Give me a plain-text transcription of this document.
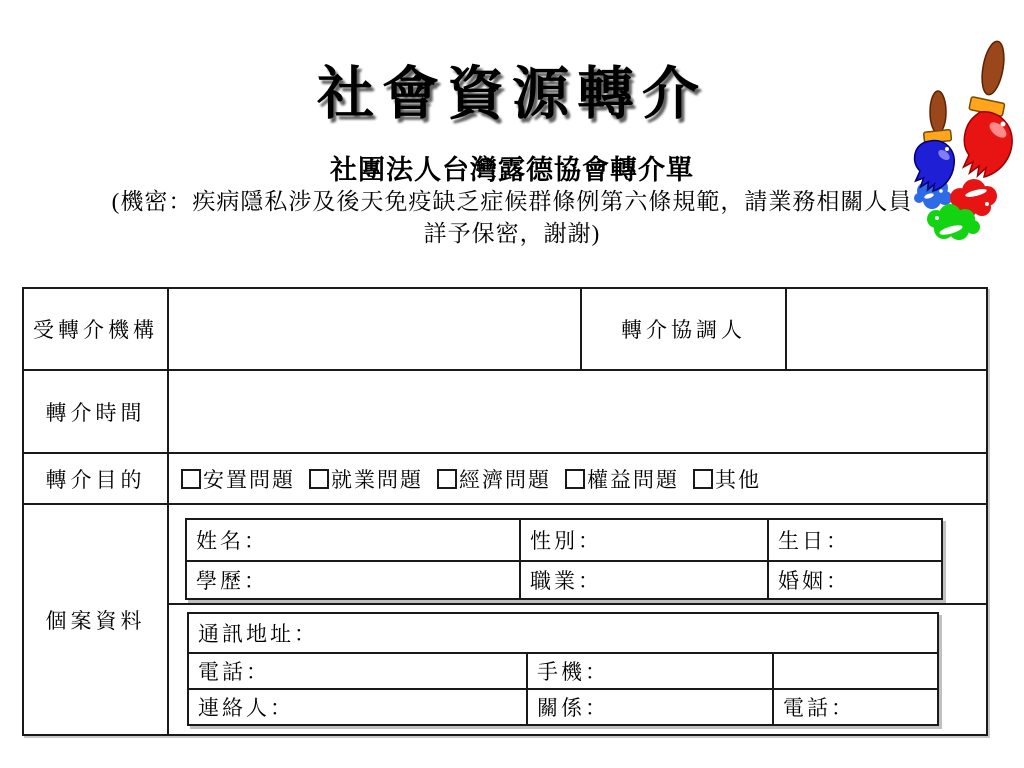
社會資源轉介
社團法人台灣露德協會轉介單
(機密：疾病隱私涉及後天免疫缺乏症候群條例第六條規範，請業務相關人員
詳予保密，謝謝)
受轉介機構	轉介協調人
轉介時間
轉介目的	安置問題 就業問題 經濟問題 權益問題 其他
個案資料
姓名：	性別：	生日：
學歷：	職業：	婚姻：
通訊地址：
電話：	手機：
連絡人：	關係：	電話：
